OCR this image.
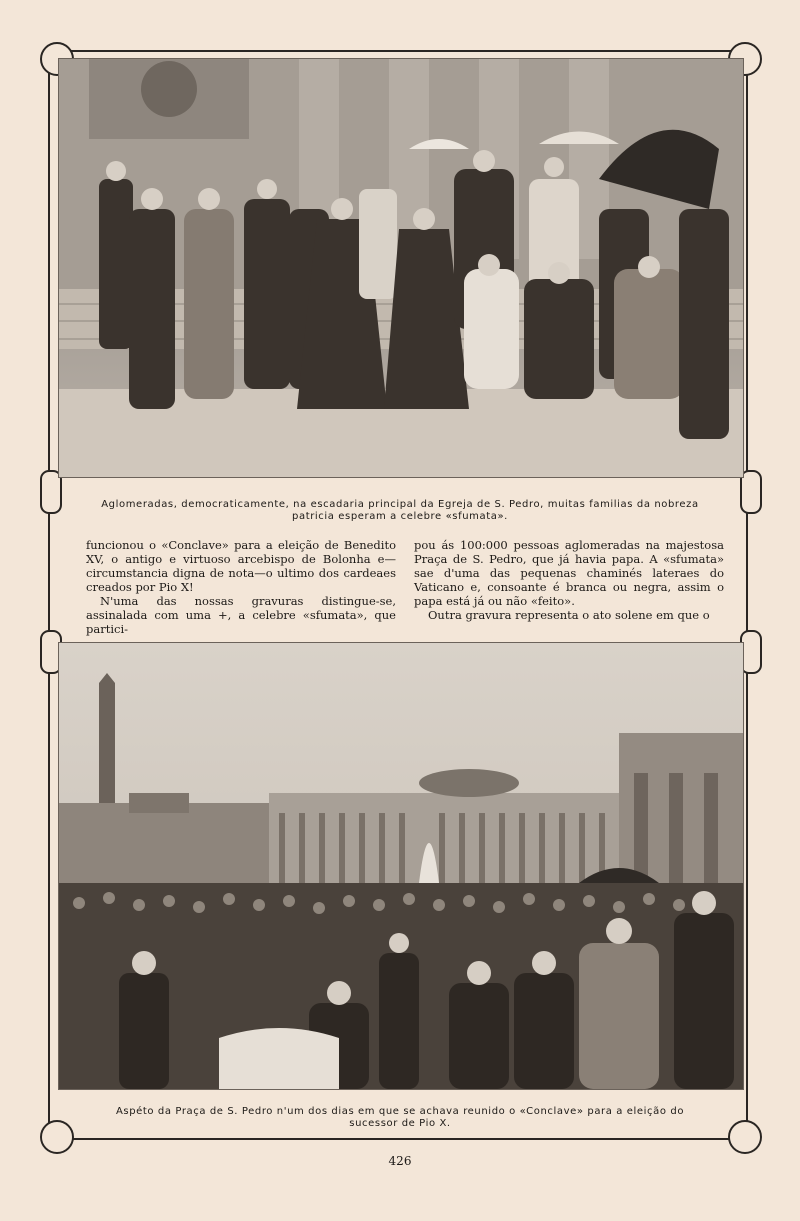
Aglomeradas, democraticamente, na escadaria principal da Egreja de S. Pedro, muitas familias da nobreza patricia esperam a celebre «sfumata».

funcionou o «Conclave» para a eleição de Benedito XV, o antigo e virtuoso arcebispo de Bolonha e—circumstancia digna de nota—o ultimo dos cardeaes creados por Pio X!

N'uma das nossas gravuras distingue-se, assinalada com uma +, a celebre «sfumata», que partici-

pou ás 100:000 pessoas aglomeradas na majestosa Praça de S. Pedro, que já havia papa. A «sfumata» sae d'uma das pequenas chaminés lateraes do Vaticano e, consoante é branca ou negra, assim o papa está já ou não «feito».

Outra gravura representa o ato solene em que o

Aspéto da Praça de S. Pedro n'um dos dias em que se achava reunido o «Conclave» para a eleição do sucessor de Pio X.
426
